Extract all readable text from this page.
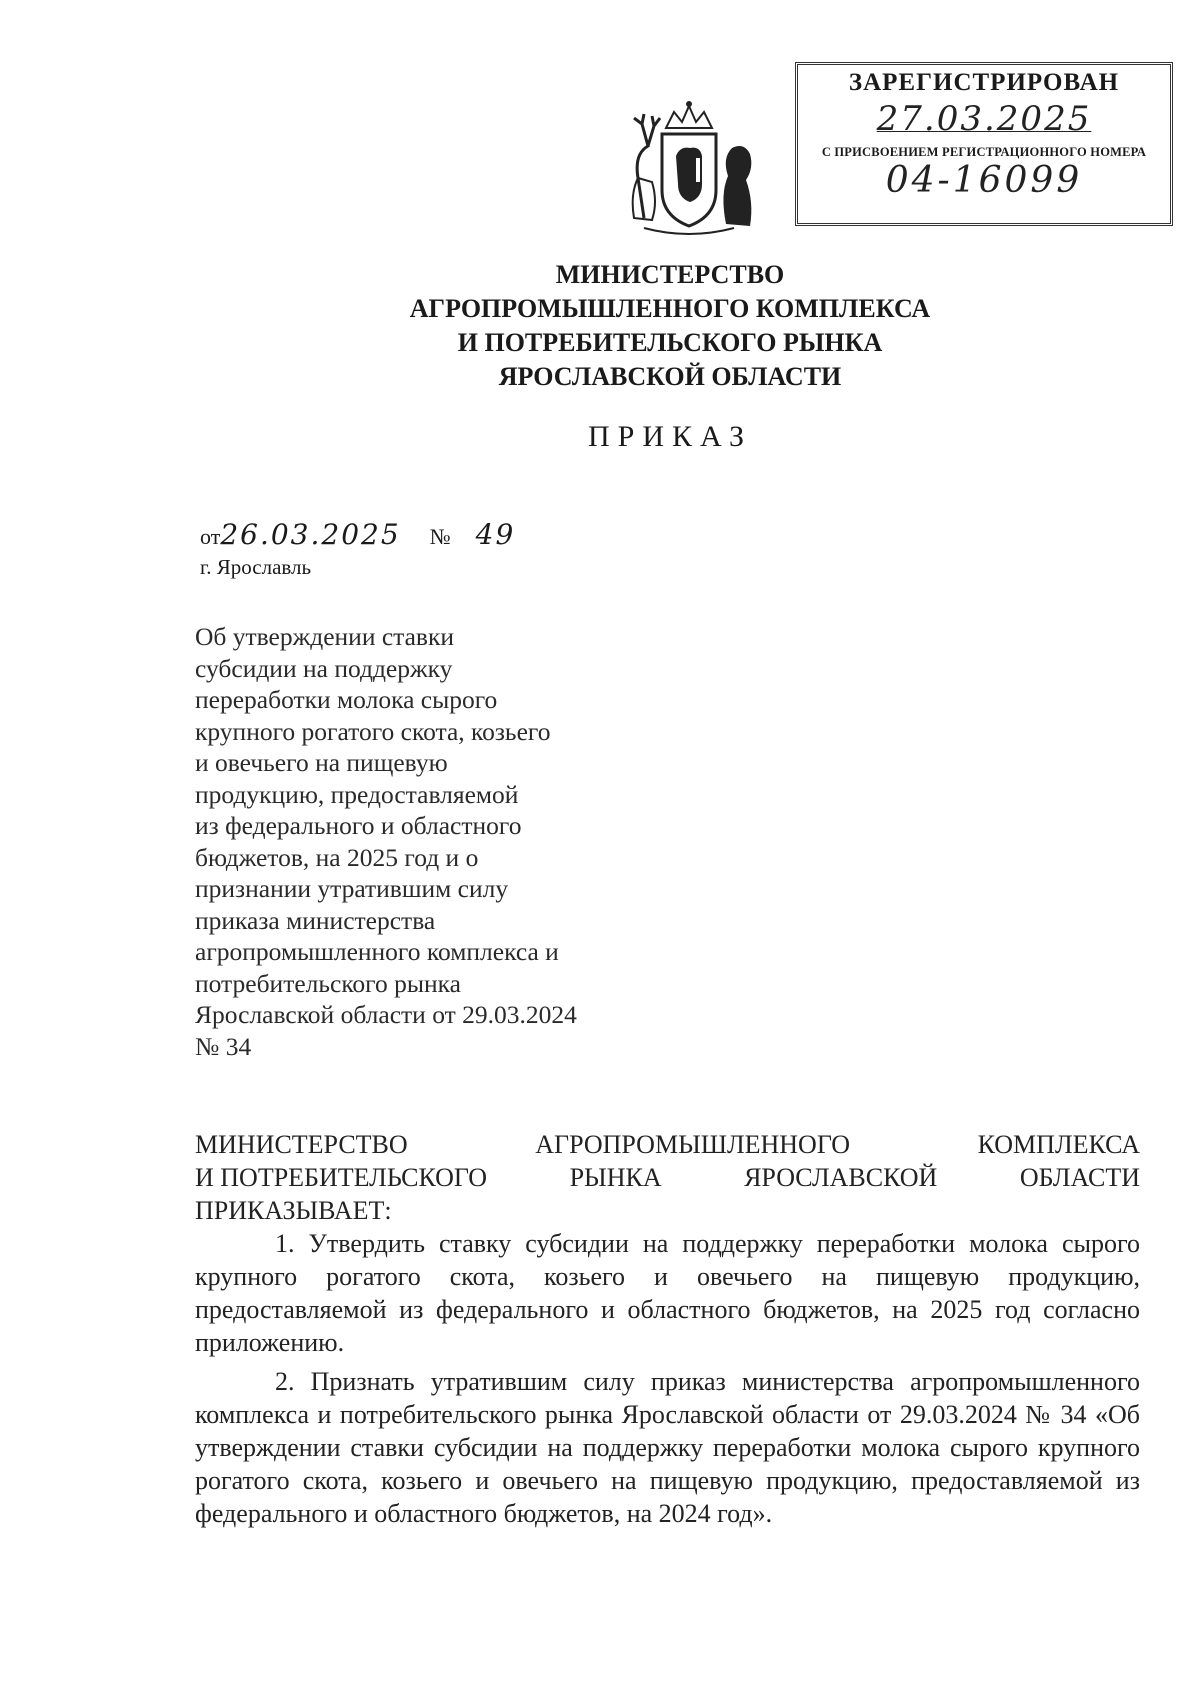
ЗАРЕГИСТРИРОВАН
27.03.2025
С ПРИСВОЕНИЕМ РЕГИСТРАЦИОННОГО НОМЕРА
04-16099
МИНИСТЕРСТВО
АГРОПРОМЫШЛЕННОГО КОМПЛЕКСА
И ПОТРЕБИТЕЛЬСКОГО РЫНКА
ЯРОСЛАВСКОЙ ОБЛАСТИ
ПРИКАЗ
от26.03.2025 № 49
г. Ярославль
Об утверждении ставки
субсидии на поддержку
переработки молока сырого
крупного рогатого скота, козьего
и овечьего на пищевую
продукцию, предоставляемой
из федерального и областного
бюджетов, на 2025 год и о
признании утратившим силу
приказа министерства
агропромышленного комплекса и
потребительского рынка
Ярославской области от 29.03.2024
№ 34
МИНИСТЕРСТВО	АГРОПРОМЫШЛЕННОГО	КОМПЛЕКСА
И ПОТРЕБИТЕЛЬСКОГО	РЫНКА	ЯРОСЛАВСКОЙ	ОБЛАСТИ
ПРИКАЗЫВАЕТ:

1. Утвердить ставку субсидии на поддержку переработки молока сырого крупного рогатого скота, козьего и овечьего на пищевую продукцию, предоставляемой из федерального и областного бюджетов, на 2025 год согласно приложению.

2. Признать утратившим силу приказ министерства агропромышленного комплекса и потребительского рынка Ярославской области от 29.03.2024 № 34 «Об утверждении ставки субсидии на поддержку переработки молока сырого крупного рогатого скота, козьего и овечьего на пищевую продукцию, предоставляемой из федерального и областного бюджетов, на 2024 год».
